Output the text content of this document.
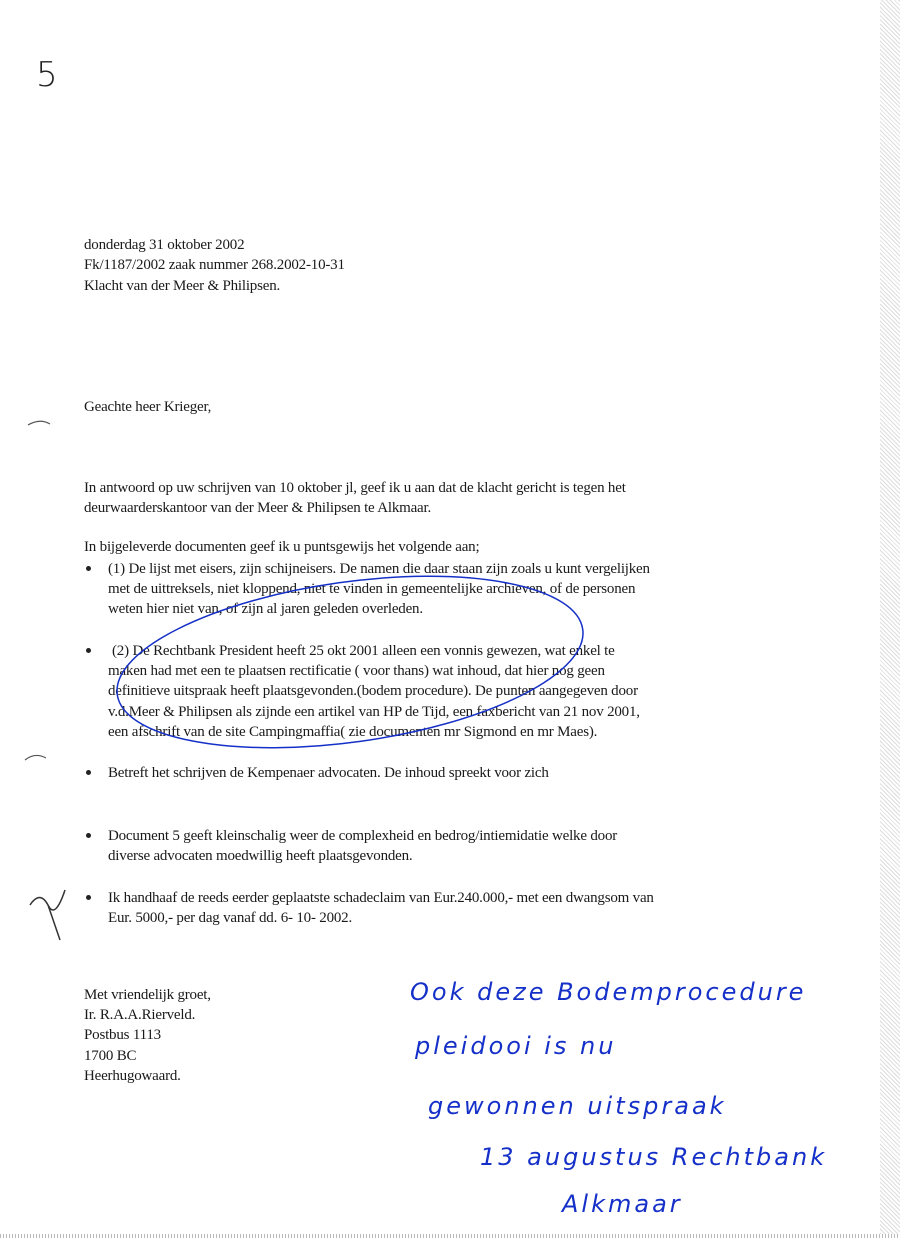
5
donderdag 31 oktober 2002
Fk/1187/2002 zaak nummer 268.2002-10-31
Klacht van der Meer & Philipsen.
Geachte heer Krieger,
In antwoord op uw schrijven van 10 oktober jl, geef ik u aan dat de klacht gericht is tegen het
deurwaarderskantoor van der Meer & Philipsen te Alkmaar.
In bijgeleverde documenten geef ik u puntsgewijs het volgende aan;
(1) De lijst met eisers, zijn schijneisers. De namen die daar staan zijn zoals u kunt vergelijken
met de uittreksels, niet kloppend, niet te vinden in gemeentelijke archieven, of de personen
weten hier niet van, of zijn al jaren geleden overleden.
(2) De Rechtbank President heeft 25 okt 2001 alleen een vonnis gewezen, wat enkel te
maken had met een te plaatsen rectificatie ( voor thans) wat inhoud, dat hier nog geen
definitieve uitspraak heeft plaatsgevonden.(bodem procedure). De punten aangegeven door
v.d.Meer & Philipsen als zijnde een artikel van HP de Tijd, een faxbericht van 21 nov 2001,
een afschrift van de site Campingmaffia( zie documenten mr Sigmond en mr Maes).
Betreft het schrijven de Kempenaer advocaten. De inhoud spreekt voor zich
Document 5 geeft kleinschalig weer de complexheid en bedrog/intiemidatie welke door
diverse advocaten moedwillig heeft plaatsgevonden.
Ik handhaaf de reeds eerder geplaatste schadeclaim van Eur.240.000,- met een dwangsom van
Eur. 5000,- per dag vanaf dd. 6- 10- 2002.
Met vriendelijk groet,
Ir. R.A.A.Rierveld.
Postbus 1113
1700 BC
Heerhugowaard.
Ook deze Bodemprocedure
pleidooi is nu
gewonnen uitspraak
13 augustus Rechtbank
Alkmaar
